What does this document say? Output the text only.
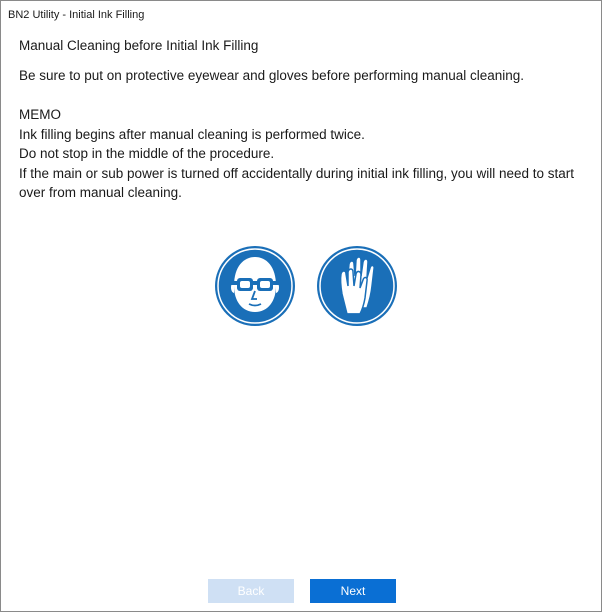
BN2 Utility - Initial Ink Filling
Manual Cleaning before Initial Ink Filling
Be sure to put on protective eyewear and gloves before performing manual cleaning.
MEMO
Ink filling begins after manual cleaning is performed twice.
Do not stop in the middle of the procedure.
If the main or sub power is turned off accidentally during initial ink filling, you will need to start over from manual cleaning.
Back	Next
